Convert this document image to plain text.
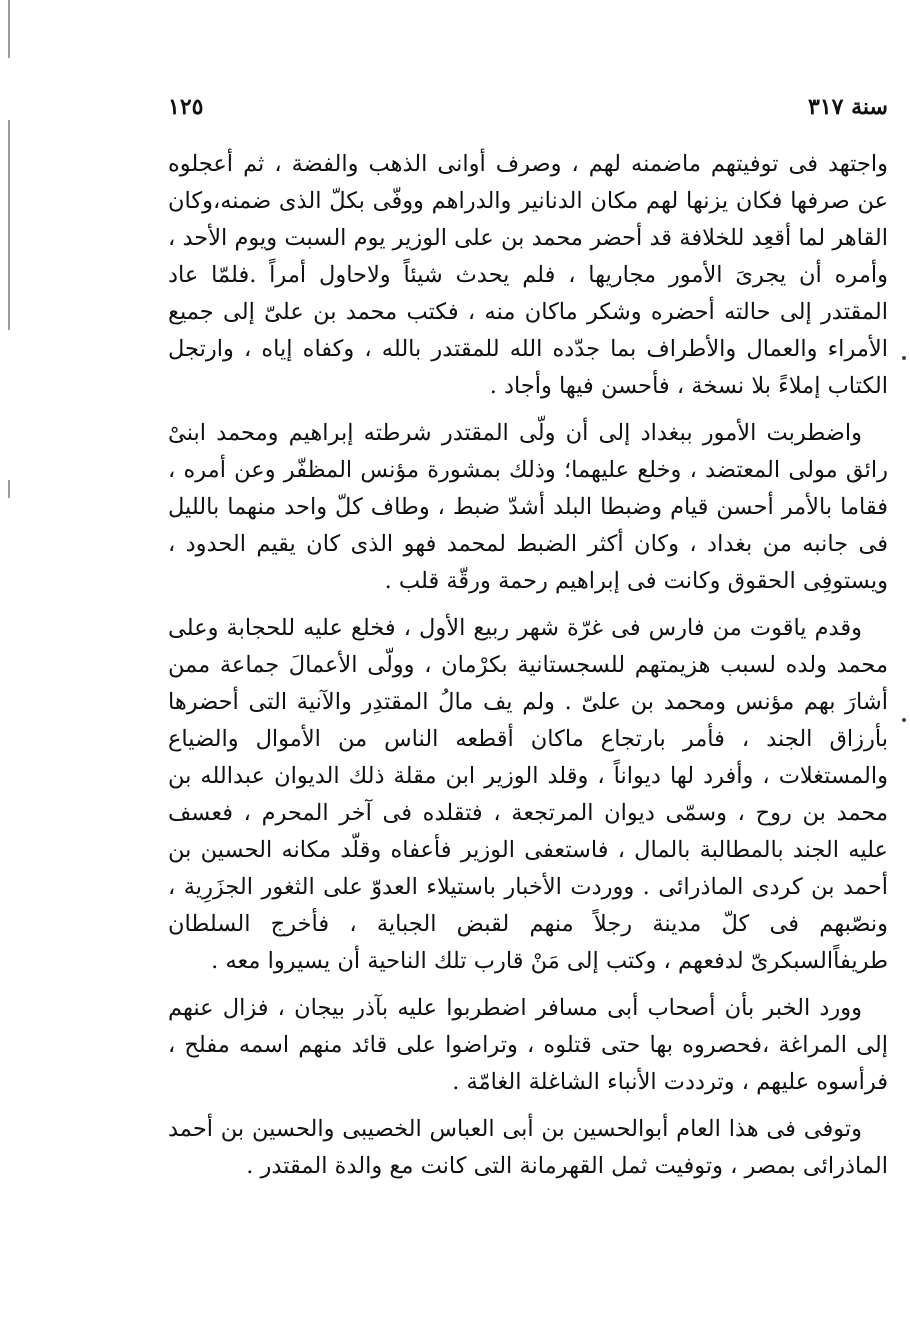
سنة ٣١٧
١٢٥

واجتهد فى توفيتهم ماضمنه لهم ، وصرف أوانى الذهب والفضة ، ثم أعجلوه عن صرفها فكان يزنها لهم مكان الدنانير والدراهم ووفّى بكلّ الذى ضمنه،وكان القاهر لما أقعِد للخلافة قد أحضر محمد بن على الوزير يوم السبت ويوم الأحد ، وأمره أن يجرىَ الأمور مجاريها ، فلم يحدث شيئاً ولاحاول أمراً .فلمّا عاد المقتدر إلى حالته أحضره وشكر ماكان منه ، فكتب محمد بن علىّ إلى جميع الأمراء والعمال والأطراف بما جدّده الله للمقتدر بالله ، وكفاه إياه ، وارتجل الكتاب إملاءً بلا نسخة ، فأحسن فيها وأجاد .

واضطربت الأمور ببغداد إلى أن ولّى المقتدر شرطته إبراهيم ومحمد ابنىْ رائق مولى المعتضد ، وخلع عليهما؛ وذلك بمشورة مؤنس المظفّر وعن أمره ، فقاما بالأمر أحسن قيام وضبطا البلد أشدّ ضبط ، وطاف كلّ واحد منهما بالليل فى جانبه من بغداد ، وكان أكثر الضبط لمحمد فهو الذى كان يقيم الحدود ، ويستوفِى الحقوق وكانت فى إبراهيم رحمة ورقّة قلب .

وقدم ياقوت من فارس فى غرّة شهر ربيع الأول ، فخلع عليه للحجابة وعلى محمد ولده لسبب هزيمتهم للسجستانية بكرْمان ، وولّى الأعمالَ جماعة ممن أشارَ بهم مؤنس ومحمد بن علىّ . ولم يف مالُ المقتدِر والآنية التى أحضرها بأرزاق الجند ، فأمر بارتجاع ماكان أقطعه الناس من الأموال والضياع والمستغلات ، وأفرد لها ديواناً ، وقلد الوزير ابن مقلة ذلك الديوان عبدالله بن محمد بن روح ، وسمّى ديوان المرتجعة ، فتقلده فى آخر المحرم ، فعسف عليه الجند بالمطالبة بالمال ، فاستعفى الوزير فأعفاه وقلّد مكانه الحسين بن أحمد بن كردى الماذرائى . ووردت الأخبار باستيلاء العدوّ على الثغور الجزَرِية ، ونصّبهم فى كلّ مدينة رجلاً منهم لقبض الجباية ، فأخرج السلطان طريفاًالسبكرىّ لدفعهم ، وكتب إلى مَنْ قارب تلك الناحية أن يسيروا معه .

وورد الخبر بأن أصحاب أبى مسافر اضطربوا عليه بآذر بيجان ، فزال عنهم إلى المراغة ،فحصروه بها حتى قتلوه ، وتراضوا على قائد منهم اسمه مفلح ، فرأسوه عليهم ، وترددت الأنباء الشاغلة الغامّة .

وتوفى فى هذا العام أبوالحسين بن أبى العباس الخصيبى والحسين بن أحمد الماذرائى بمصر ، وتوفيت ثمل القهرمانة التى كانت مع والدة المقتدر .
